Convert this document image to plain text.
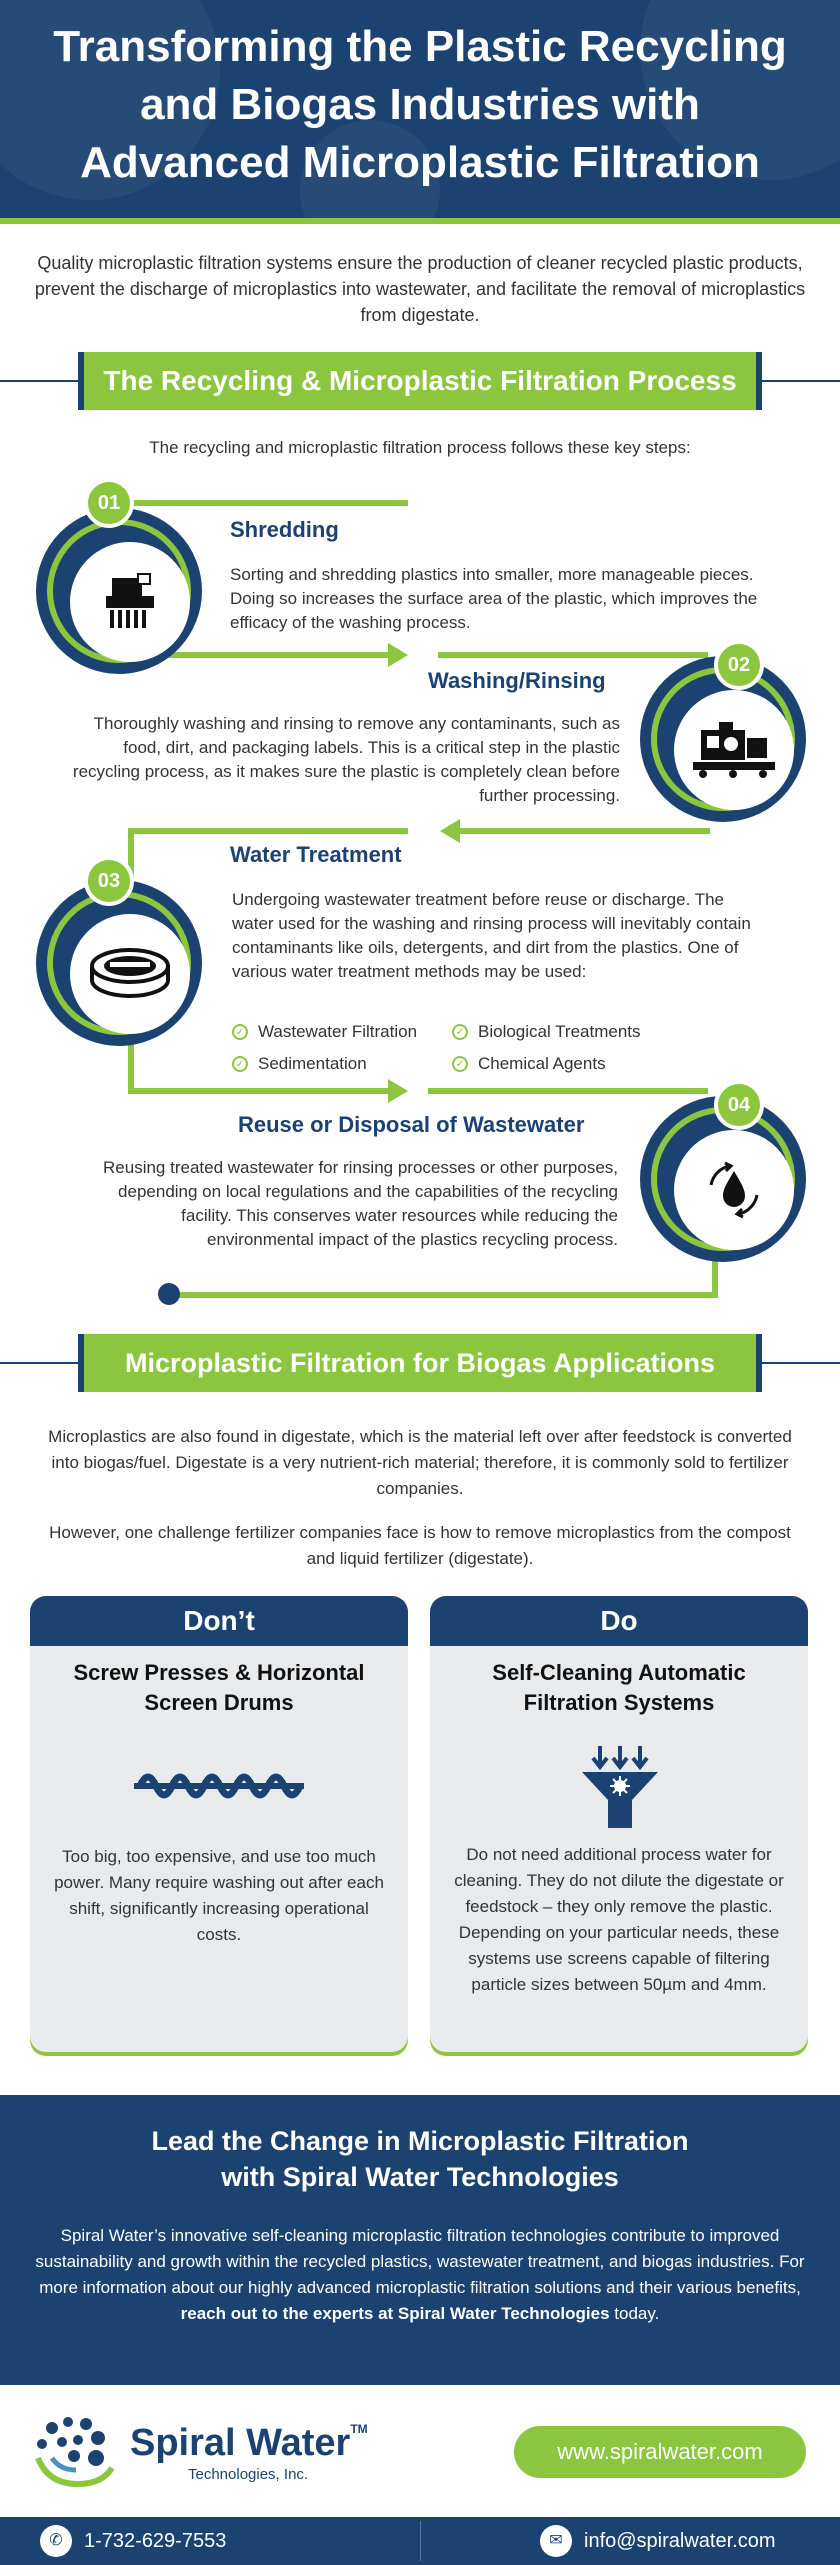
Transforming the Plastic Recycling
and Biogas Industries with
Advanced Microplastic Filtration
Quality microplastic filtration systems ensure the production of cleaner recycled plastic products, prevent the discharge of microplastics into wastewater, and facilitate the removal of microplastics from digestate.
The Recycling & Microplastic Filtration Process
The recycling and microplastic filtration process follows these key steps:
01
Shredding
Sorting and shredding plastics into smaller, more manageable pieces. Doing so increases the surface area of the plastic, which improves the efficacy of the washing process.
02
Washing/Rinsing
Thoroughly washing and rinsing to remove any contaminants, such as food, dirt, and packaging labels. This is a critical step in the plastic recycling process, as it makes sure the plastic is completely clean before further processing.
03
Water Treatment
Undergoing wastewater treatment before reuse or discharge. The water used for the washing and rinsing process will inevitably contain contaminants like oils, detergents, and dirt from the plastics. One of various water treatment methods may be used:
✓ Wastewater Filtration	✓ Biological Treatments
✓ Sedimentation	✓ Chemical Agents
04
Reuse or Disposal of Wastewater
Reusing treated wastewater for rinsing processes or other purposes, depending on local regulations and the capabilities of the recycling facility. This conserves water resources while reducing the environmental impact of the plastics recycling process.
Microplastic Filtration for Biogas Applications
Microplastics are also found in digestate, which is the material left over after feedstock is converted into biogas/fuel. Digestate is a very nutrient-rich material; therefore, it is commonly sold to fertilizer companies.
However, one challenge fertilizer companies face is how to remove microplastics from the compost and liquid fertilizer (digestate).
Don’t
Screw Presses & Horizontal Screen Drums

Too big, too expensive, and use too much power. Many require washing out after each shift, significantly increasing operational costs.

Do
Self-Cleaning Automatic Filtration Systems

Do not need additional process water for cleaning. They do not dilute the digestate or feedstock – they only remove the plastic. Depending on your particular needs, these systems use screens capable of filtering particle sizes between 50µm and 4mm.

Lead the Change in Microplastic Filtration
with Spiral Water Technologies

Spiral Water’s innovative self-cleaning microplastic filtration technologies contribute to improved sustainability and growth within the recycled plastics, wastewater treatment, and biogas industries. For more information about our highly advanced microplastic filtration solutions and their various benefits, reach out to the experts at Spiral Water Technologies today.

Spiral Water™
Technologies, Inc.
www.spiralwater.com
✆	1-732-629-7553	✉	info@spiralwater.com
